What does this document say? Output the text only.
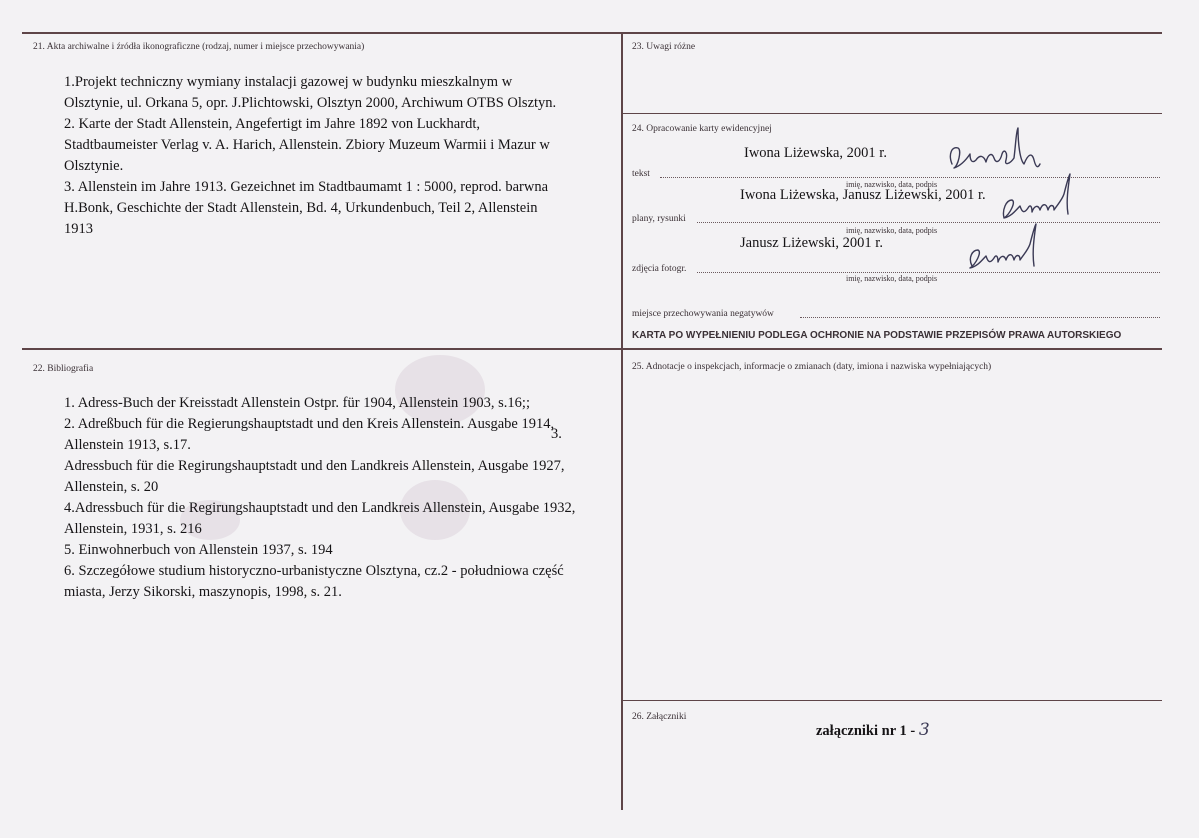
21. Akta archiwalne i źródła ikonograficzne (rodzaj, numer i miejsce przechowywania)
1.Projekt techniczny wymiany instalacji gazowej w budynku mieszkalnym w
Olsztynie, ul. Orkana 5, opr. J.Plichtowski, Olsztyn 2000, Archiwum OTBS Olsztyn.
2. Karte der Stadt Allenstein, Angefertigt im Jahre 1892 von Luckhardt,
Stadtbaumeister Verlag v. A. Harich, Allenstein. Zbiory Muzeum Warmii i Mazur w
Olsztynie.
3. Allenstein im Jahre 1913. Gezeichnet im Stadtbaumamt 1 : 5000, reprod. barwna
H.Bonk, Geschichte der Stadt Allenstein, Bd. 4, Urkundenbuch, Teil 2, Allenstein
1913
22. Bibliografia
1. Adress-Buch der Kreisstadt Allenstein Ostpr. für 1904, Allenstein 1903, s.16;;
2. Adreßbuch für die Regierungshauptstadt und den Kreis Allenstein. Ausgabe 1914,
Allenstein 1913, s.17.
Adressbuch für die Regirungshauptstadt und den Landkreis Allenstein, Ausgabe 1927,
Allenstein, s. 20
4.Adressbuch für die Regirungshauptstadt und den Landkreis Allenstein, Ausgabe 1932,
Allenstein, 1931, s. 216
5. Einwohnerbuch von Allenstein 1937, s. 194
6. Szczegółowe studium historyczno-urbanistyczne Olsztyna, cz.2 - południowa część
miasta, Jerzy Sikorski, maszynopis, 1998, s. 21.
3.
23. Uwagi różne
24. Opracowanie karty ewidencyjnej
Iwona Liżewska, 2001 r.
tekst
imię, nazwisko, data, podpis
Iwona Liżewska, Janusz Liżewski, 2001 r.
plany, rysunki
imię, nazwisko, data, podpis
Janusz Liżewski, 2001 r.
zdjęcia fotogr.
imię, nazwisko, data, podpis
miejsce przechowywania negatywów
KARTA PO WYPEŁNIENIU PODLEGA OCHRONIE NA PODSTAWIE PRZEPISÓW PRAWA AUTORSKIEGO
25. Adnotacje o inspekcjach, informacje o zmianach (daty, imiona i nazwiska wypełniających)
26. Załączniki
załączniki nr 1 - 3
